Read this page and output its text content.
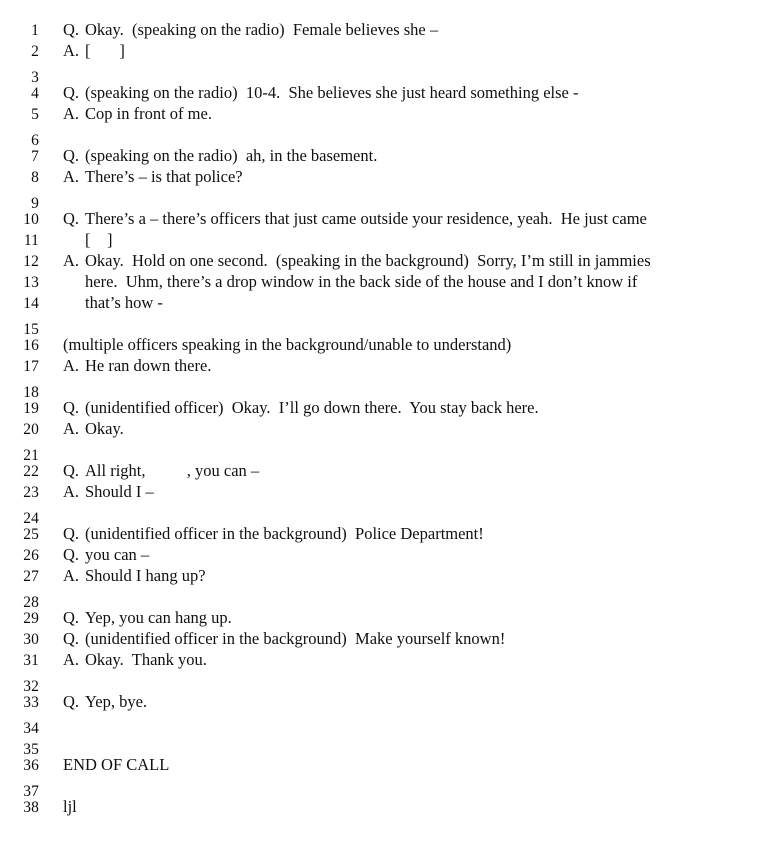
1 Q. Okay.  (speaking on the radio)  Female believes she –
2 A. [       ]
3
4 Q. (speaking on the radio)  10-4.  She believes she just heard something else -
5 A. Cop in front of me.
6
7 Q. (speaking on the radio)  ah, in the basement.
8 A. There’s – is that police?
9
10 Q. There’s a – there’s officers that just came outside your residence, yeah.  He just came
11	[    ]
12 A. Okay.  Hold on one second.  (speaking in the background)  Sorry, I’m still in jammies
13	here.  Uhm, there’s a drop window in the back side of the house and I don’t know if
14	that’s how -
15
16 (multiple officers speaking in the background/unable to understand)
17 A. He ran down there.
18
19 Q. (unidentified officer)  Okay.  I’ll go down there.  You stay back here.
20 A. Okay.
21
22 Q. All right,          , you can –
23 A. Should I –
24
25 Q. (unidentified officer in the background)  Police Department!
26 Q. you can –
27 A. Should I hang up?
28
29 Q. Yep, you can hang up.
30 Q. (unidentified officer in the background)  Make yourself known!
31 A. Okay.  Thank you.
32
33 Q. Yep, bye.
34
35
36 END OF CALL
37
38 ljl
